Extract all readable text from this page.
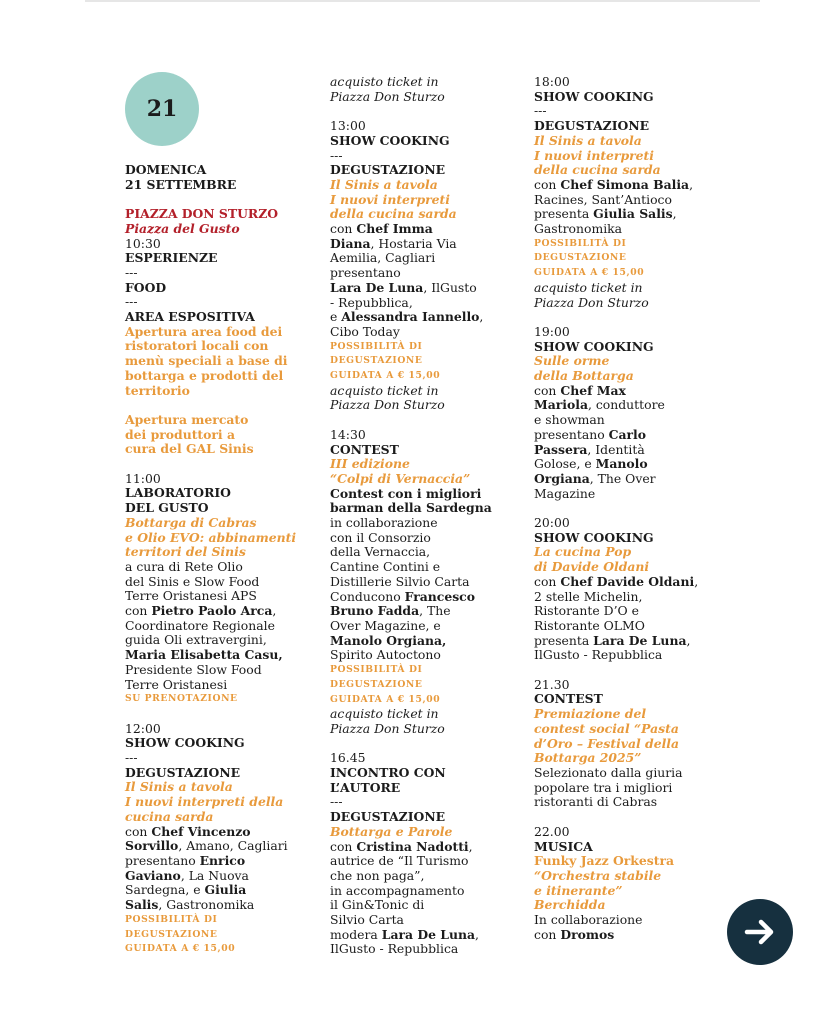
21

DOMENICA

21 SETTEMBRE

PIAZZA DON STURZO

Piazza del Gusto

10:30

ESPERIENZE

---

FOOD

---

AREA ESPOSITIVA

Apertura area food dei

ristoratori locali con

menù speciali a base di

bottarga e prodotti del

territorio

Apertura mercato

dei produttori a

cura del GAL Sinis

11:00

LABORATORIO

DEL GUSTO

Bottarga di Cabras

e Olio EVO: abbinamenti

territori del Sinis

a cura di Rete Olio

del Sinis e Slow Food

Terre Oristanesi APS

con Pietro Paolo Arca,

Coordinatore Regionale

guida Oli extravergini,

Maria Elisabetta Casu,

Presidente Slow Food

Terre Oristanesi

SU PRENOTAZIONE

12:00

SHOW COOKING

---

DEGUSTAZIONE

Il Sinis a tavola

I nuovi interpreti della

cucina sarda

con Chef Vincenzo

Sorvillo, Amano, Cagliari

presentano Enrico

Gaviano, La Nuova

Sardegna, e Giulia

Salis, Gastronomika

POSSIBILITÀ DI

DEGUSTAZIONE

GUIDATA A € 15,00

acquisto ticket in

Piazza Don Sturzo

13:00

SHOW COOKING

---

DEGUSTAZIONE

Il Sinis a tavola

I nuovi interpreti

della cucina sarda

con Chef Imma

Diana, Hostaria Via

Aemilia, Cagliari

presentano

Lara De Luna, IlGusto

- Repubblica,

e Alessandra Iannello,

Cibo Today

POSSIBILITÀ DI

DEGUSTAZIONE

GUIDATA A € 15,00

acquisto ticket in

Piazza Don Sturzo

14:30

CONTEST

III edizione

“Colpi di Vernaccia”

Contest con i migliori

barman della Sardegna

in collaborazione

con il Consorzio

della Vernaccia,

Cantine Contini e

Distillerie Silvio Carta

Conducono Francesco

Bruno Fadda, The

Over Magazine, e

Manolo Orgiana,

Spirito Autoctono

POSSIBILITÀ DI

DEGUSTAZIONE

GUIDATA A € 15,00

acquisto ticket in

Piazza Don Sturzo

16.45

INCONTRO CON

L’AUTORE

---

DEGUSTAZIONE

Bottarga e Parole

con Cristina Nadotti,

autrice de “Il Turismo

che non paga”,

in accompagnamento

il Gin&Tonic di

Silvio Carta

modera Lara De Luna,

IlGusto - Repubblica

18:00

SHOW COOKING

---

DEGUSTAZIONE

Il Sinis a tavola

I nuovi interpreti

della cucina sarda

con Chef Simona Balia,

Racines, Sant’Antioco

presenta Giulia Salis,

Gastronomika

POSSIBILITÀ DI

DEGUSTAZIONE

GUIDATA A € 15,00

acquisto ticket in

Piazza Don Sturzo

19:00

SHOW COOKING

Sulle orme

della Bottarga

con Chef Max

Mariola, conduttore

e showman

presentano Carlo

Passera, Identità

Golose, e Manolo

Orgiana, The Over

Magazine

20:00

SHOW COOKING

La cucina Pop

di Davide Oldani

con Chef Davide Oldani,

2 stelle Michelin,

Ristorante D’O e

Ristorante OLMO

presenta Lara De Luna,

IlGusto - Repubblica

21.30

CONTEST

Premiazione del

contest social “Pasta

d’Oro – Festival della

Bottarga 2025”

Selezionato dalla giuria

popolare tra i migliori

ristoranti di Cabras

22.00

MUSICA

Funky Jazz Orkestra

“Orchestra stabile

e itinerante”

Berchidda

In collaborazione

con Dromos
